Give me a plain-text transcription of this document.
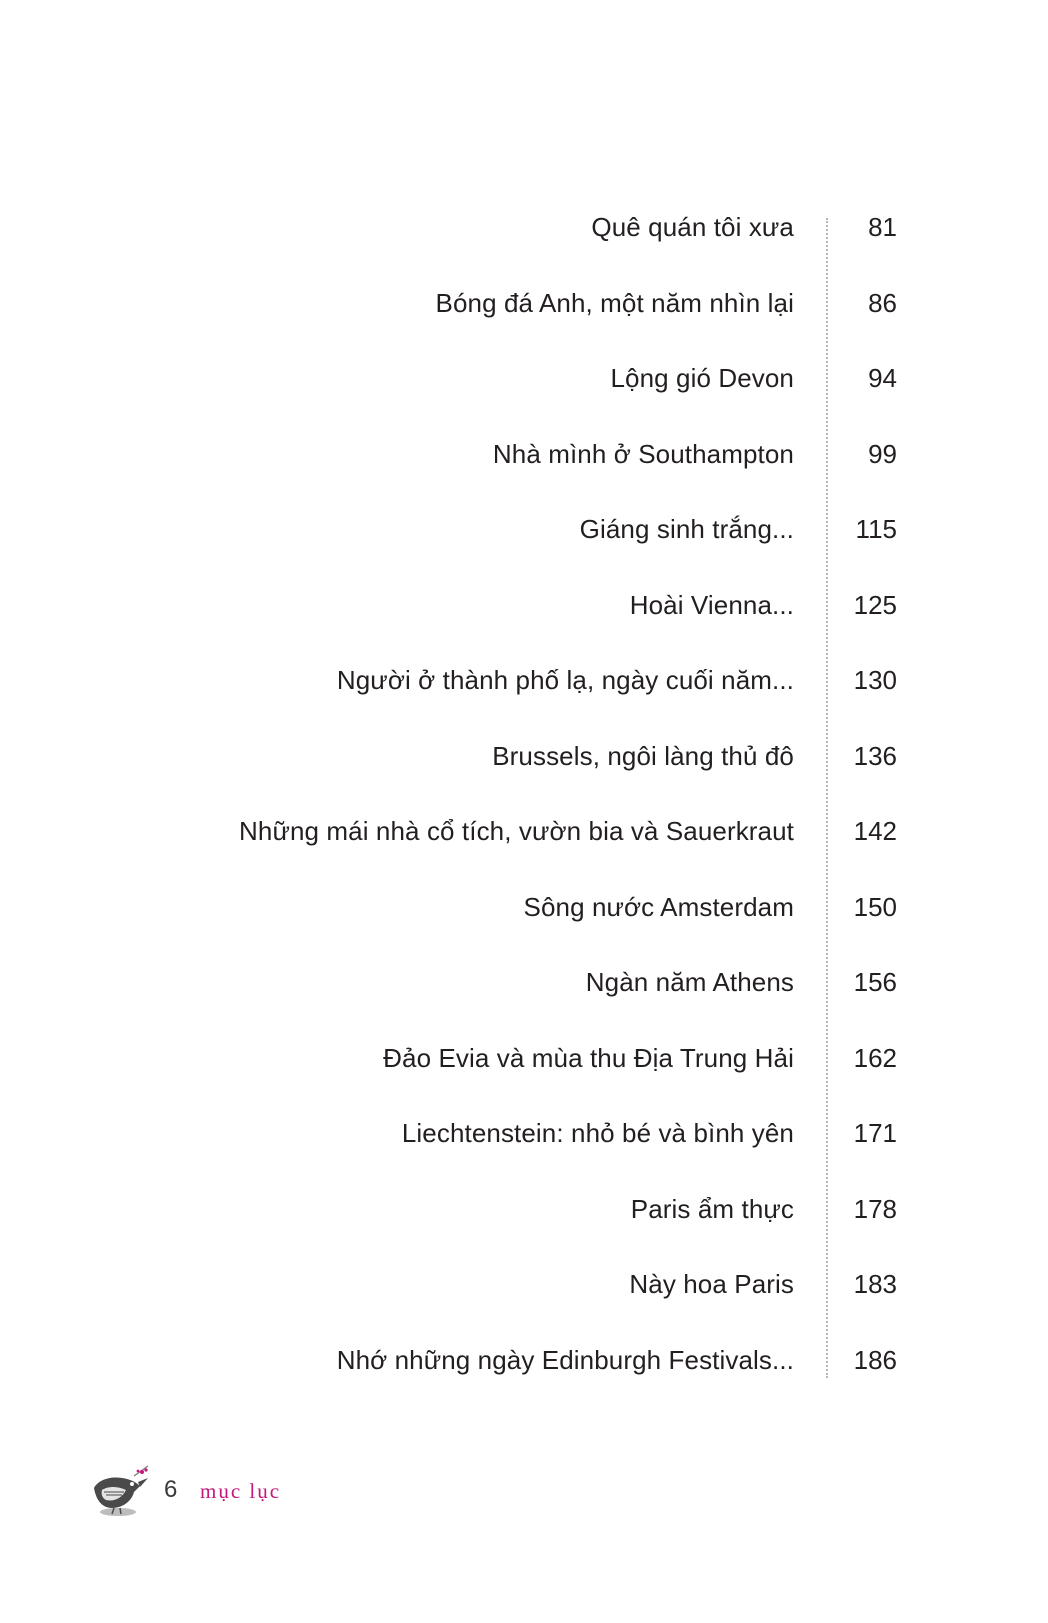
Quê quán tôi xưa	81
Bóng đá Anh, một năm nhìn lại	86
Lộng gió Devon	94
Nhà mình ở Southampton	99
Giáng sinh trắng... 115
Hoài Vienna... 125
Người ở thành phố lạ, ngày cuối năm... 130
Brussels, ngôi làng thủ đô 136
Những mái nhà cổ tích, vườn bia và Sauerkraut 142
Sông nước Amsterdam 150
Ngàn năm Athens 156
Đảo Evia và mùa thu Địa Trung Hải 162
Liechtenstein: nhỏ bé và bình yên 171
Paris ẩm thực 178
Này hoa Paris 183
Nhớ những ngày Edinburgh Festivals... 186
6 mục lục
